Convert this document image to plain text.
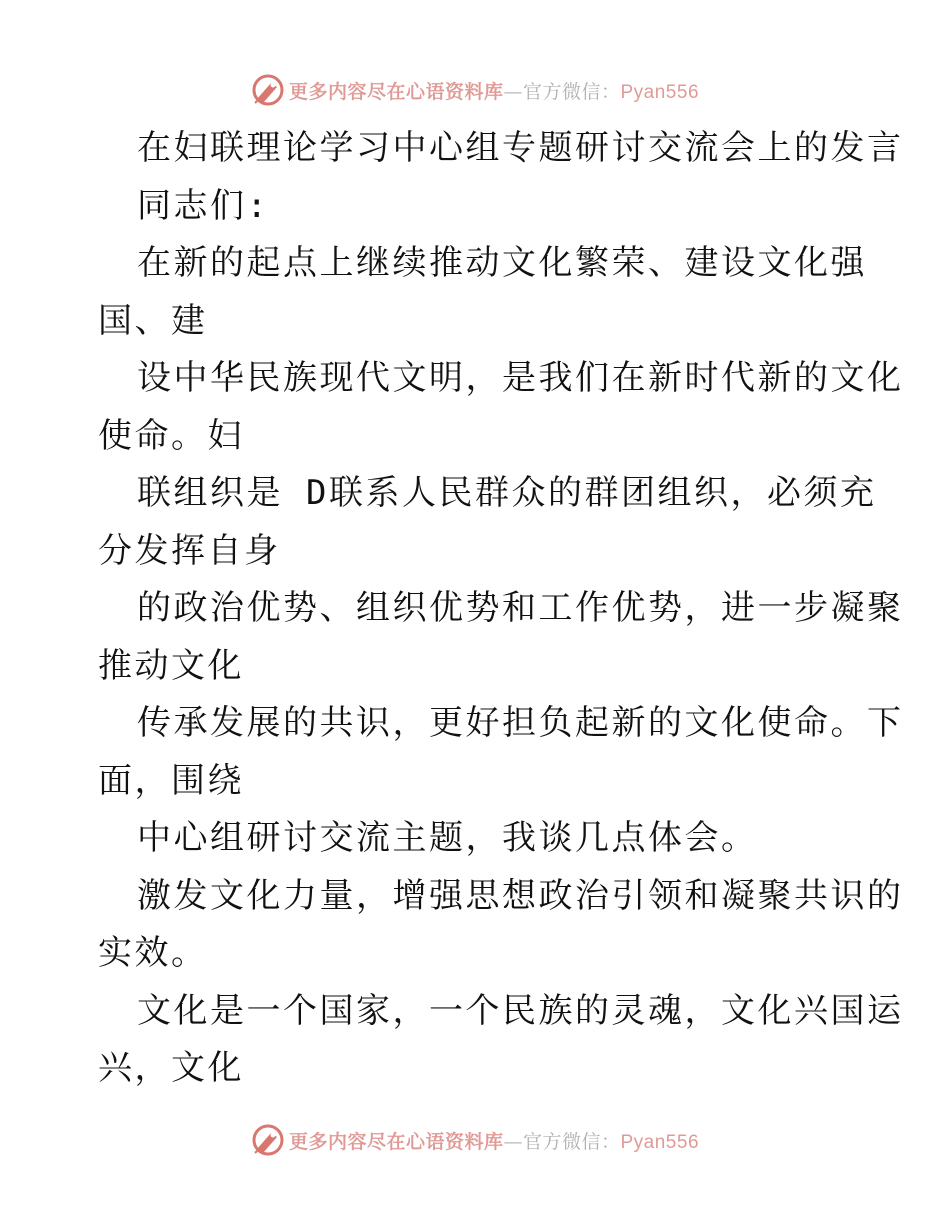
更多内容尽在心语资料库—官方微信：Pyan556
在妇联理论学习中心组专题研讨交流会上的发言
同志们:
在新的起点上继续推动文化繁荣、建设文化强
国、建
设中华民族现代文明，是我们在新时代新的文化
使命。妇
联组织是 D联系人民群众的群团组织，必须充
分发挥自身
的政治优势、组织优势和工作优势，进一步凝聚
推动文化
传承发展的共识，更好担负起新的文化使命。下
面，围绕
中心组研讨交流主题，我谈几点体会。
激发文化力量，增强思想政治引领和凝聚共识的
实效。
文化是一个国家，一个民族的灵魂，文化兴国运
兴，文化
更多内容尽在心语资料库—官方微信：Pyan556
